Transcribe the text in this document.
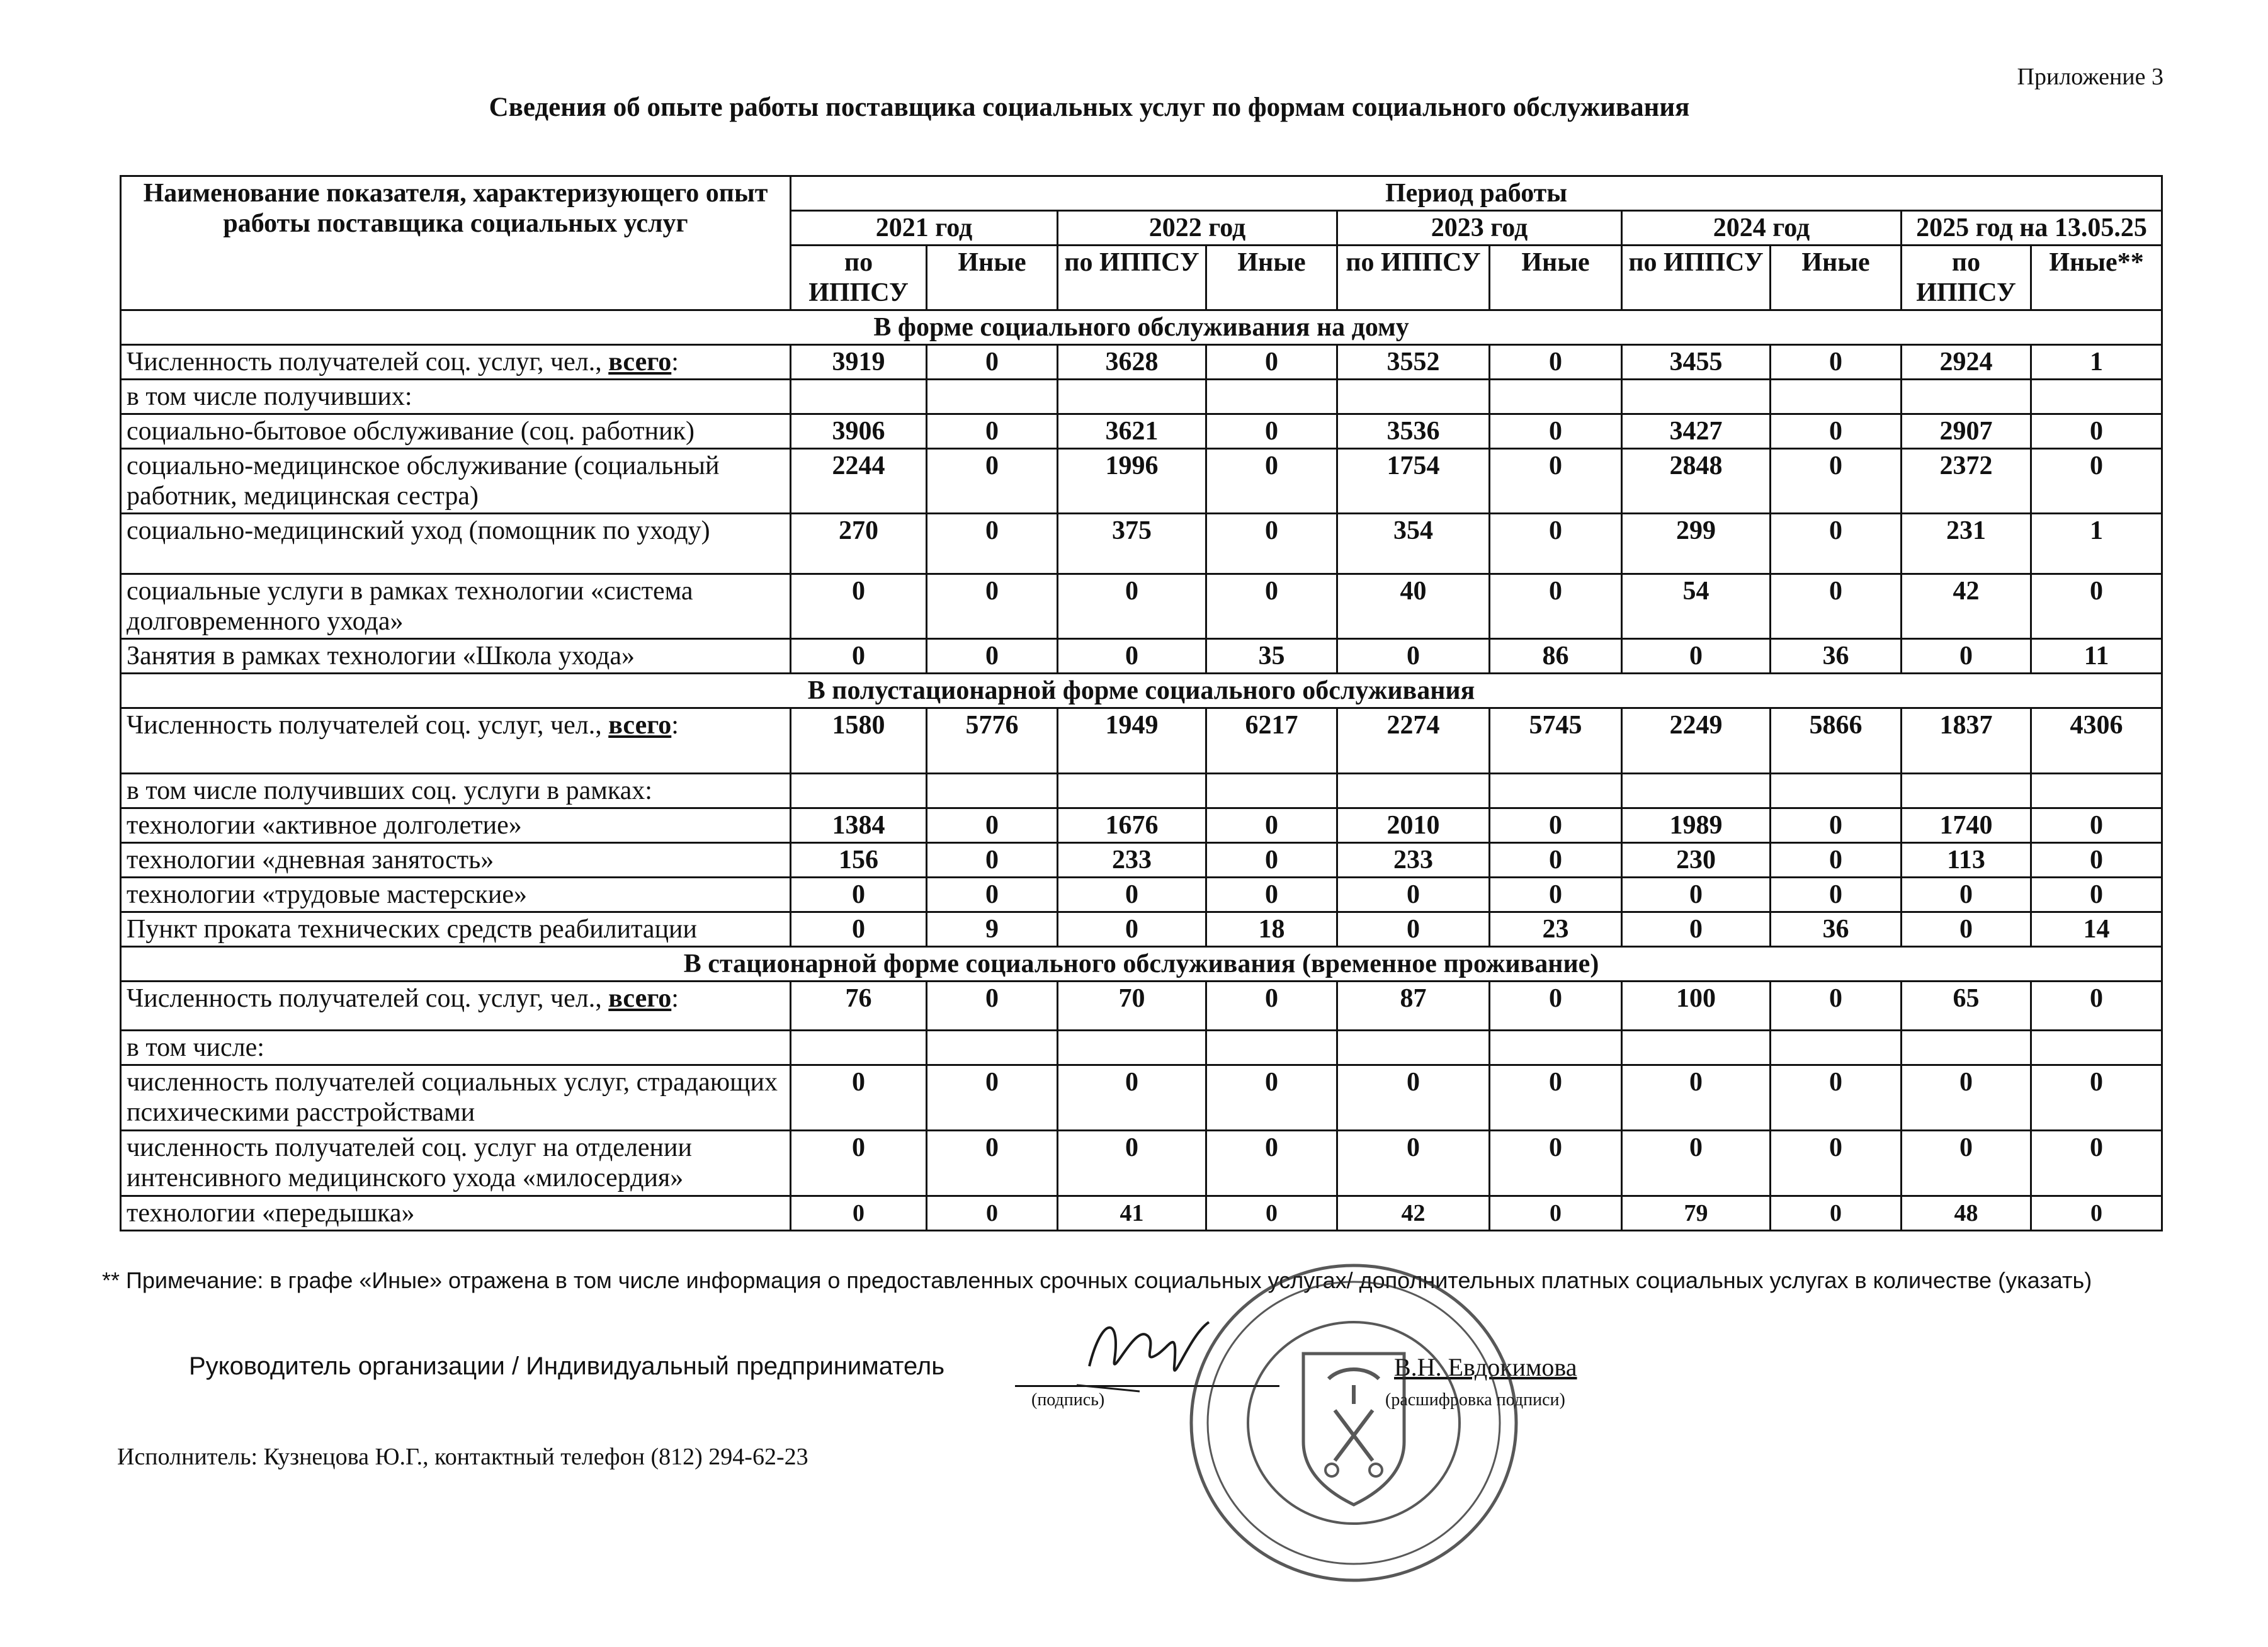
Приложение 3
Сведения об опыте работы поставщика социальных услуг по формам социального обслуживания
Наименование показателя, характеризующего опыт работы поставщика социальных услуг	Период работы									
	2021 год		2022 год		2023 год		2024 год		2025 год на 13.05.25	
	по ИППСУ	Иные	по ИППСУ	Иные	по ИППСУ	Иные	по ИППСУ	Иные	по ИППСУ	Иные**
В форме социального обслуживания на дому										
Численность получателей соц. услуг, чел., всего:	3919	0	3628	0	3552	0	3455	0	2924	1
в том числе получивших:										
социально-бытовое обслуживание (соц. работник)	3906	0	3621	0	3536	0	3427	0	2907	0
социально-медицинское обслуживание (социальный работник, медицинская сестра)	2244	0	1996	0	1754	0	2848	0	2372	0
социально-медицинский уход (помощник по уходу)	270	0	375	0	354	0	299	0	231	1
социальные услуги в рамках технологии «система долговременного ухода»	0	0	0	0	40	0	54	0	42	0
Занятия в рамках технологии «Школа ухода»	0	0	0	35	0	86	0	36	0	11
В полустационарной форме социального обслуживания										
Численность получателей соц. услуг, чел., всего:	1580	5776	1949	6217	2274	5745	2249	5866	1837	4306
в том числе получивших соц. услуги в рамках:										
технологии «активное долголетие»	1384	0	1676	0	2010	0	1989	0	1740	0
технологии «дневная занятость»	156	0	233	0	233	0	230	0	113	0
технологии «трудовые мастерские»	0	0	0	0	0	0	0	0	0	0
Пункт проката технических средств реабилитации	0	9	0	18	0	23	0	36	0	14
В стационарной форме социального обслуживания (временное проживание)										
Численность получателей соц. услуг, чел., всего:	76	0	70	0	87	0	100	0	65	0
в том числе:										
численность получателей социальных услуг, страдающих психическими расстройствами	0	0	0	0	0	0	0	0	0	0
численность получателей соц. услуг на отделении интенсивного медицинского ухода «милосердия»	0	0	0	0	0	0	0	0	0	0
технологии «передышка»	0	0	41	0	42	0	79	0	48	0
** Примечание: в графе «Иные» отражена в том числе информация о предоставленных срочных социальных услугах/ дополнительных платных социальных услугах в количестве (указать)
Руководитель организации / Индивидуальный предприниматель
(подпись)
В.Н. Евдокимова
(расшифровка подписи)
Исполнитель: Кузнецова Ю.Г., контактный телефон (812) 294-62-23
